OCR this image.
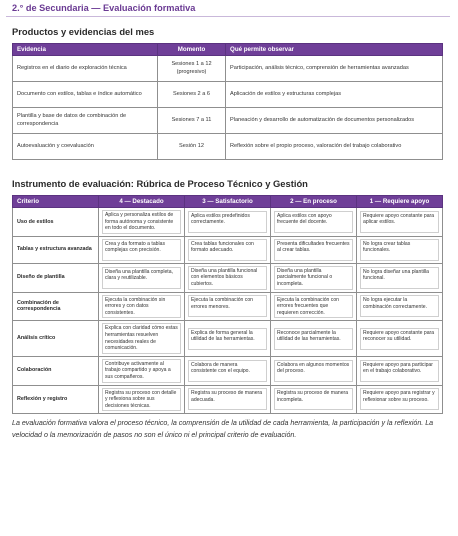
2.° de Secundaria — Evaluación formativa
Productos y evidencias del mes
Evidencia	Momento	Qué permite observar
Registros en el diario de exploración técnica	Sesiones 1 a 12 (progresivo)	Participación, análisis técnico, comprensión de herramientas avanzadas
Documento con estilos, tablas e índice automático	Sesiones 2 a 6	Aplicación de estilos y estructuras complejas
Plantilla y base de datos de combinación de correspondencia	Sesiones 7 a 11	Planeación y desarrollo de automatización de documentos personalizados
Autoevaluación y coevaluación	Sesión 12	Reflexión sobre el propio proceso, valoración del trabajo colaborativo
Instrumento de evaluación: Rúbrica de Proceso Técnico y Gestión
Criterio	4 — Destacado	3 — Satisfactorio	2 — En proceso	1 — Requiere apoyo
Uso de estilos	Aplica y personaliza estilos de forma autónoma y consistente en todo el documento.	Aplica estilos predefinidos correctamente.	Aplica estilos con apoyo frecuente del docente.	Requiere apoyo constante para aplicar estilos.

Tablas y estructura avanzada	Crea y da formato a tablas complejas con precisión.	Crea tablas funcionales con formato adecuado.	Presenta dificultades frecuentes al crear tablas.	No logra crear tablas funcionales.

Diseño de plantilla	Diseña una plantilla completa, clara y reutilizable.	Diseña una plantilla funcional con elementos básicos cubiertos.	Diseña una plantilla parcialmente funcional o incompleta.	No logra diseñar una plantilla funcional.

Combinación de correspondencia	Ejecuta la combinación sin errores y con datos consistentes.	Ejecuta la combinación con errores menores.	Ejecuta la combinación con errores frecuentes que requieren corrección.	No logra ejecutar la combinación correctamente.

Análisis crítico	Explica con claridad cómo estas herramientas resuelven necesidades reales de comunicación.	Explica de forma general la utilidad de las herramientas.	Reconoce parcialmente la utilidad de las herramientas.	Requiere apoyo constante para reconocer su utilidad.

Colaboración	Contribuye activamente al trabajo compartido y apoya a sus compañeros.	Colabora de manera consistente con el equipo.	Colabora en algunos momentos del proceso.	Requiere apoyo para participar en el trabajo colaborativo.

Reflexión y registro	Registra su proceso con detalle y reflexiona sobre sus decisiones técnicas.	Registra su proceso de manera adecuada.	Registra su proceso de manera incompleta.	Requiere apoyo para registrar y reflexionar sobre su proceso.
La evaluación formativa valora el proceso técnico, la comprensión de la utilidad de cada herramienta, la participación y la reflexión. La velocidad o la memorización de pasos no son el único ni el principal criterio de evaluación.
